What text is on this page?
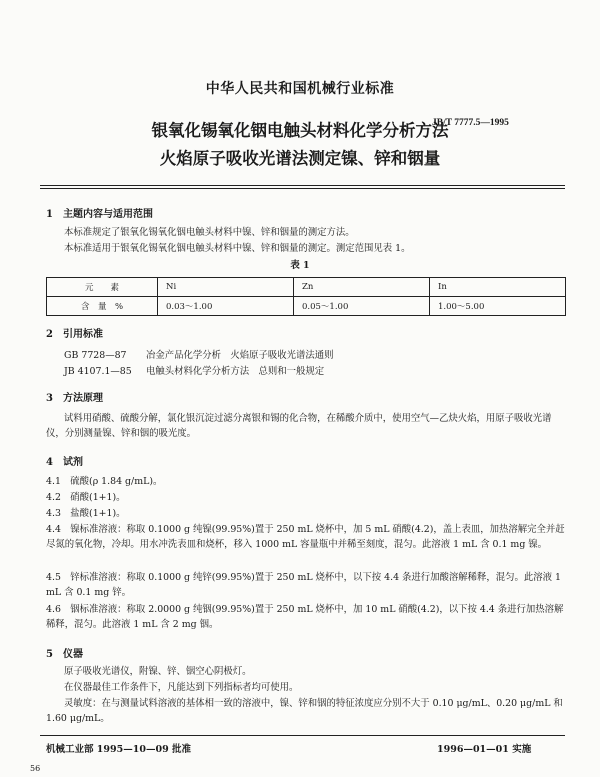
中华人民共和国机械行业标准
银氧化锡氧化铟电触头材料化学分析方法
火焰原子吸收光谱法测定镍、锌和铟量
JB/T 7777.5—1995
1　主题内容与适用范围
本标准规定了银氧化锡氧化铟电触头材料中镍、锌和铟量的测定方法。
本标准适用于银氧化锡氧化铟电触头材料中镍、锌和铟量的测定。测定范围见表 1。
表 1
元　　素	Ni	Zn	In
含　量　%	0.03～1.00	0.05～1.00	1.00～5.00
2　引用标准
GB 7728—87 冶金产品化学分析　火焰原子吸收光谱法通则
JB 4107.1—85 电触头材料化学分析方法　总则和一般规定
3　方法原理
试料用硝酸、硫酸分解，氯化银沉淀过滤分离银和锡的化合物，在稀酸介质中，使用空气—乙炔火焰，用原子吸收光谱仪，分别测量镍、锌和铟的吸光度。
4　试剂
4.1　硫酸(ρ 1.84 g/mL)。
4.2　硝酸(1+1)。
4.3　盐酸(1+1)。
4.4　镍标准溶液：称取 0.1000 g 纯镍(99.95%)置于 250 mL 烧杯中，加 5 mL 硝酸(4.2)，盖上表皿，加热溶解完全并赶尽氮的氧化物，冷却。用水冲洗表皿和烧杯，移入 1000 mL 容量瓶中并稀至刻度，混匀。此溶液 1 mL 含 0.1 mg 镍。
4.5　锌标准溶液：称取 0.1000 g 纯锌(99.95%)置于 250 mL 烧杯中，以下按 4.4 条进行加酸溶解稀释，混匀。此溶液 1 mL 含 0.1 mg 锌。
4.6　铟标准溶液：称取 2.0000 g 纯铟(99.95%)置于 250 mL 烧杯中，加 10 mL 硝酸(4.2)，以下按 4.4 条进行加热溶解稀释，混匀。此溶液 1 mL 含 2 mg 铟。
5　仪器
原子吸收光谱仪，附镍、锌、铟空心阴极灯。
在仪器最佳工作条件下，凡能达到下列指标者均可使用。
灵敏度：在与测量试料溶液的基体相一致的溶液中，镍、锌和铟的特征浓度应分别不大于 0.10 μg/mL、0.20 μg/mL 和 1.60 μg/mL。
机械工业部 1995—10—09 批准	1996—01—01 实施
56
